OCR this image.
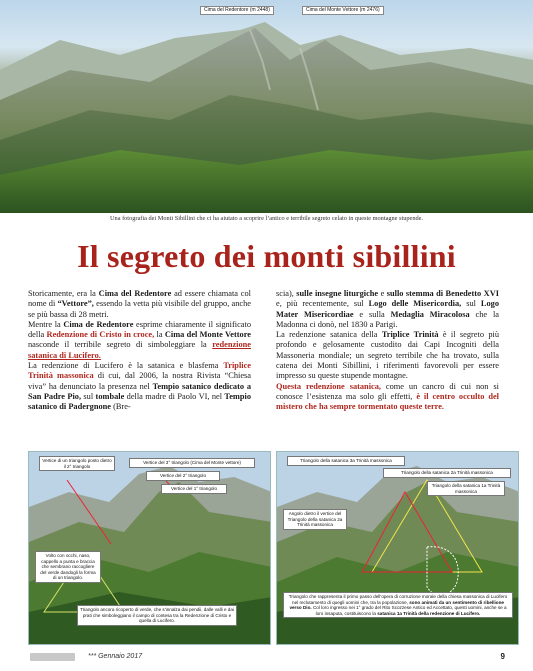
Cima del Redentore (m 2448)	Cima del Monte Vettore (m 2476)
Una fotografia dei Monti Sibillini che ci ha aiutato a scoprire l’antico e terribile segreto celato in queste montagne stupende.
Il segreto dei monti sibillini

Storicamente, era la Cima del Redentore ad essere chiamata col nome di “Vettore”, essendo la vetta più visibile del gruppo, anche se più bassa di 28 metri.

Mentre la Cima de Redentore esprime chiaramente il significato della Redenzione di Cristo in croce, la Cima del Monte Vettore nasconde il terribile segreto di simboleggiare la redenzione satanica di Lucifero.

La redenzione di Lucifero è la satanica e blasfema Triplice Trinità massonica di cui, dal 2006, la nostra Rivista “Chiesa viva” ha denunciato la presenza nel Tempio satanico dedicato a San Padre Pio, sul tombale della madre di Paolo VI, nel Tempio satanico di Padergnone (Bre-

scia), sulle insegne liturgiche e sullo stemma di Benedetto XVI e, più recentemente, sul Logo delle Misericordia, sul Logo Mater Misericordiae e sulla Medaglia Miracolosa che la Madonna ci donò, nel 1830 a Parigi.

La redenzione satanica della Triplice Trinità è il segreto più profondo e gelosamente custodito dai Capi Incogniti della Massoneria mondiale; un segreto terribile che ha trovato, sulla catena dei Monti Sibillini, i riferimenti favorevoli per essere impresso su queste stupende montagne.

Questa redenzione satanica, come un cancro di cui non si conosce l’esistenza ma solo gli effetti, è il centro occulto del mistero che ha sempre tormentato queste terre.

Vertice di un triangolo posto dietro il 2° triangolo
Vertice del 3° triangolo (Cima del Monte vettore)
Vertice del 2° triangolo
Vertice del 1° triangolo
Volto con occhi, naso, cappello a punta e braccia che sembrano raccogliere del verde dandogli la forma di un triangolo.
Triangolo ancora ricoperto di verde, che s’innalza dai pendii, dalle valli e dai prati che simboleggiano il campo di contesa tra la Redenzione di Cristo e quella di Lucifero.
Triangolo della satanica 3a Trinità massonica
Triangolo della satanica 2a Trinità massonica
Triangolo della satanica 1a Trinità massonica
Angolo dietro il vertice del Triangolo della satanica 2a Trinità massonica
Triangolo che rappresenta il primo passo dell’opera di corruzione morale della chiesa massonica di Lucifero nel reclutamento di quegli uomini che, tra la popolazione, sono animati da un sentimento di ribellione verso Dio. Col loro ingresso nei 1° grado del Rito Scozzese Antico ed Accettato, questi uomini, anche se a loro insaputa, costituiscono la satanica 1a Trinità della redenzione di Lucifero.
*** Gennaio 2017	9
